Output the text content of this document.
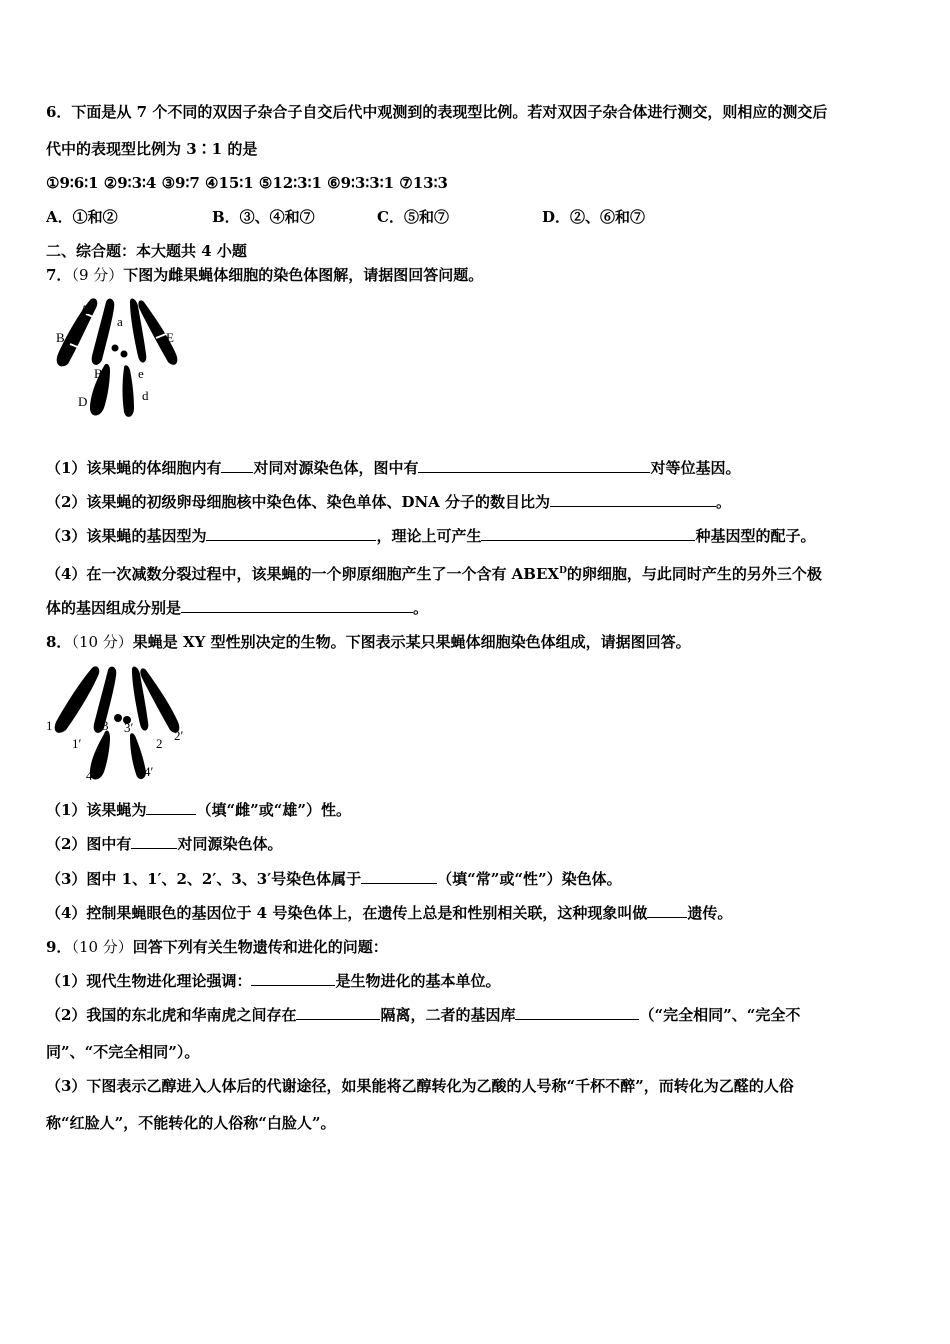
6．下面是从 7 个不同的双因子杂合子自交后代中观测到的表现型比例。若对双因子杂合体进行测交，则相应的测交后
代中的表现型比例为 3∶1 的是
①9∶6∶1 ②9∶3∶4 ③9∶7 ④15∶1 ⑤12∶3∶1 ⑥9∶3∶3∶1 ⑦13∶3
A．①和②	B．③、④和⑦	C．⑤和⑦	D．②、⑥和⑦
二、综合题：本大题共 4 小题
7．（9 分）下图为雌果蝇体细胞的染色体图解，请据图回答问题。
A
a
B	E
B	e
D	d
（1）该果蝇的体细胞内有 对同对源染色体，图中有	对等位基因。
（2）该果蝇的初级卵母细胞核中染色体、染色单体、DNA 分子的数目比为	。
（3）该果蝇的基因型为	，理论上可产生	种基因型的配子。
（4）在一次减数分裂过程中，该果蝇的一个卵原细胞产生了一个含有 $ABEX^D$的卵细胞，与此同时产生的另外三个极
体的基因组成分别是	。
8．（10 分）果蝇是 XY 型性别决定的生物。下图表示某只果蝇体细胞染色体组成，请据图回答。
1
1′
3 3′
2
2′
4	4′
（1）该果蝇为	（填“雌”或“雄”）性。
（2）图中有	对同源染色体。
（3）图中 1、1′、2、2′、3、3′号染色体属于	（填“常”或“性”）染色体。
（4）控制果蝇眼色的基因位于 4 号染色体上，在遗传上总是和性别相关联，这种现象叫做	遗传。
9．（10 分）回答下列有关生物遗传和进化的问题：
（1）现代生物进化理论强调：	是生物进化的基本单位。
（2）我国的东北虎和华南虎之间存在	隔离，二者的基因库	（“完全相同”、“完全不
同”、“不完全相同”）。
（3）下图表示乙醇进入人体后的代谢途径，如果能将乙醇转化为乙酸的人号称“千杯不醉”，而转化为乙醛的人俗
称“红脸人”，不能转化的人俗称“白脸人”。
